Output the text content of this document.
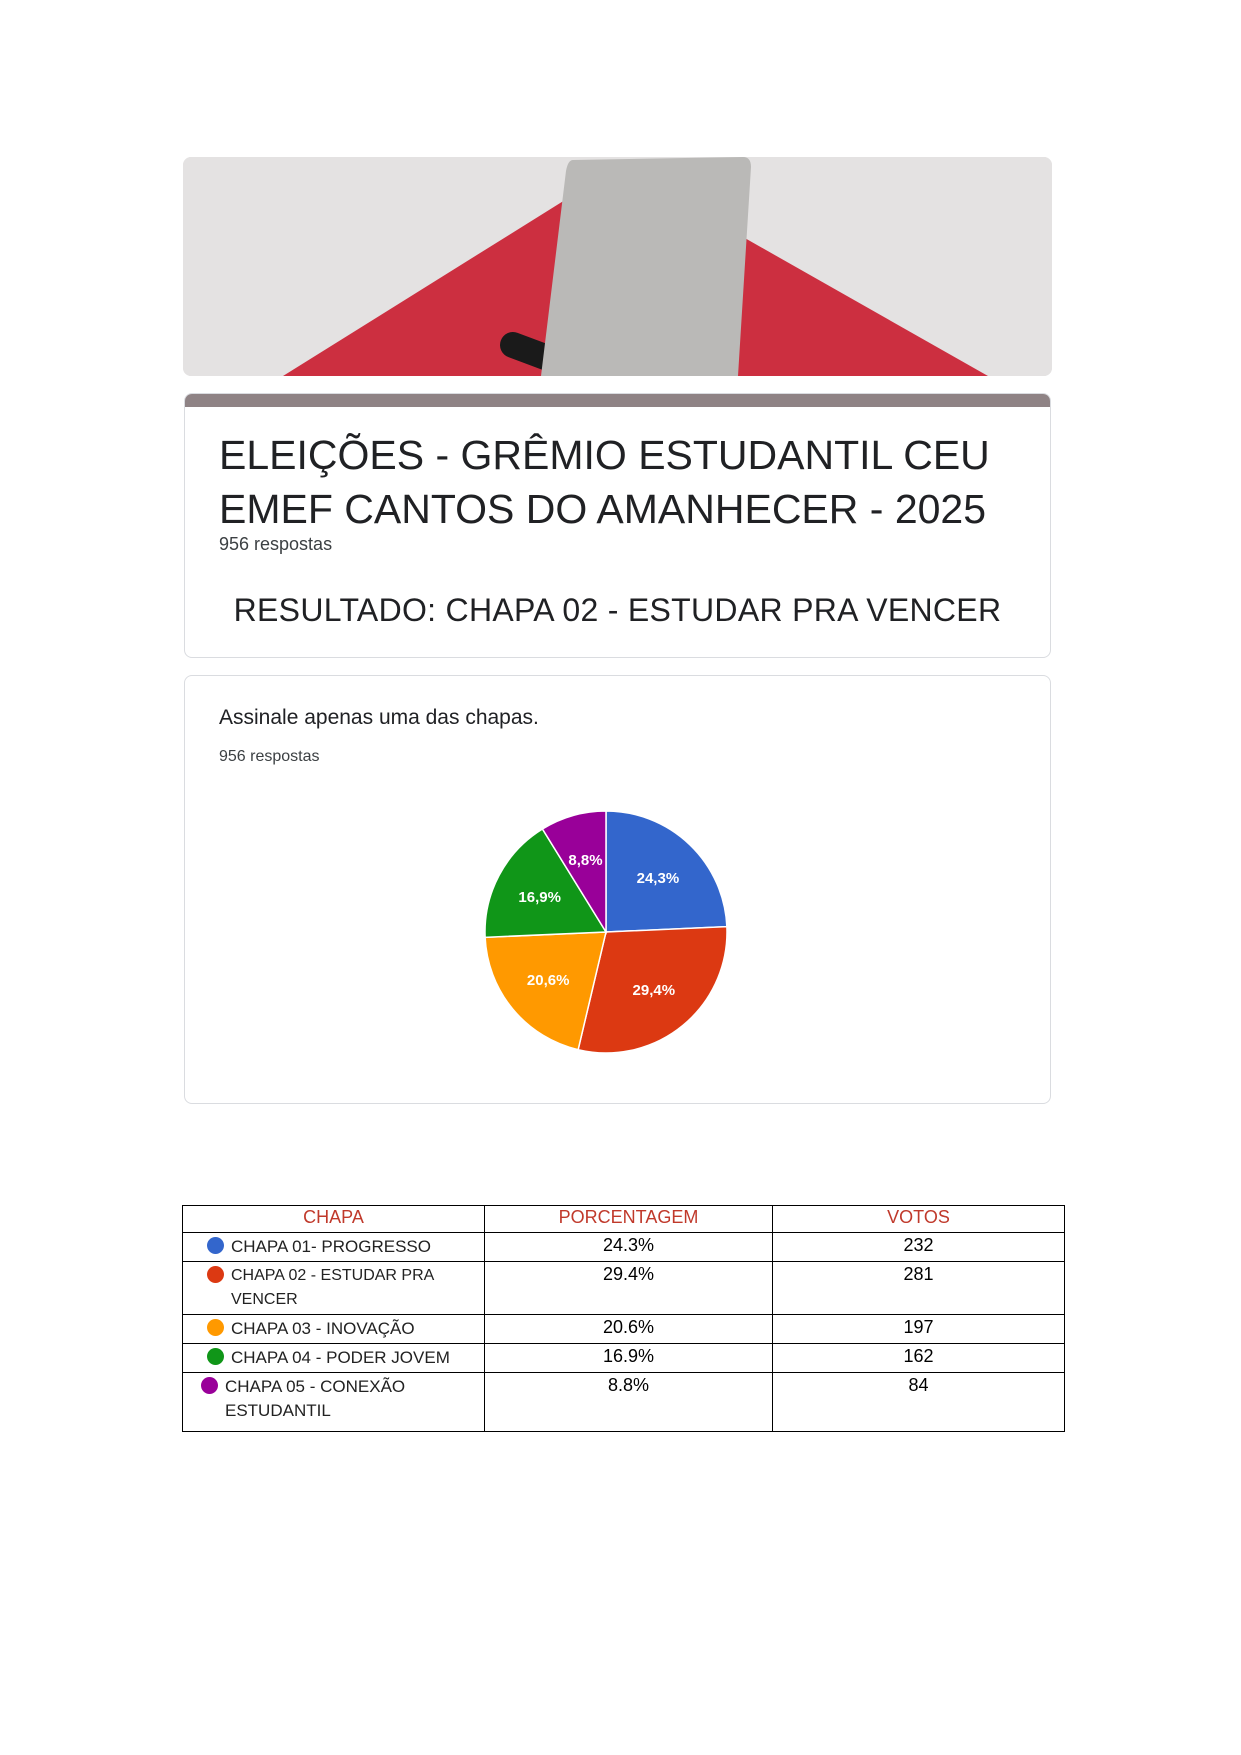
ELEIÇÕES - GRÊMIO ESTUDANTIL CEU EMEF CANTOS DO AMANHECER - 2025
956 respostas
RESULTADO: CHAPA 02 - ESTUDAR PRA VENCER
Assinale apenas uma das chapas.
956 respostas
24,3%
29,4%
20,6%
16,9%
8,8%
CHAPA	PORCENTAGEM	VOTOS

CHAPA 01- PROGRESSO	24.3%	232

CHAPA 02 - ESTUDAR PRA VENCER	29.4%	281

CHAPA 03 - INOVAÇÃO	20.6%	197

CHAPA 04 - PODER JOVEM	16.9%	162

CHAPA 05 - CONEXÃO ESTUDANTIL	8.8%	84
